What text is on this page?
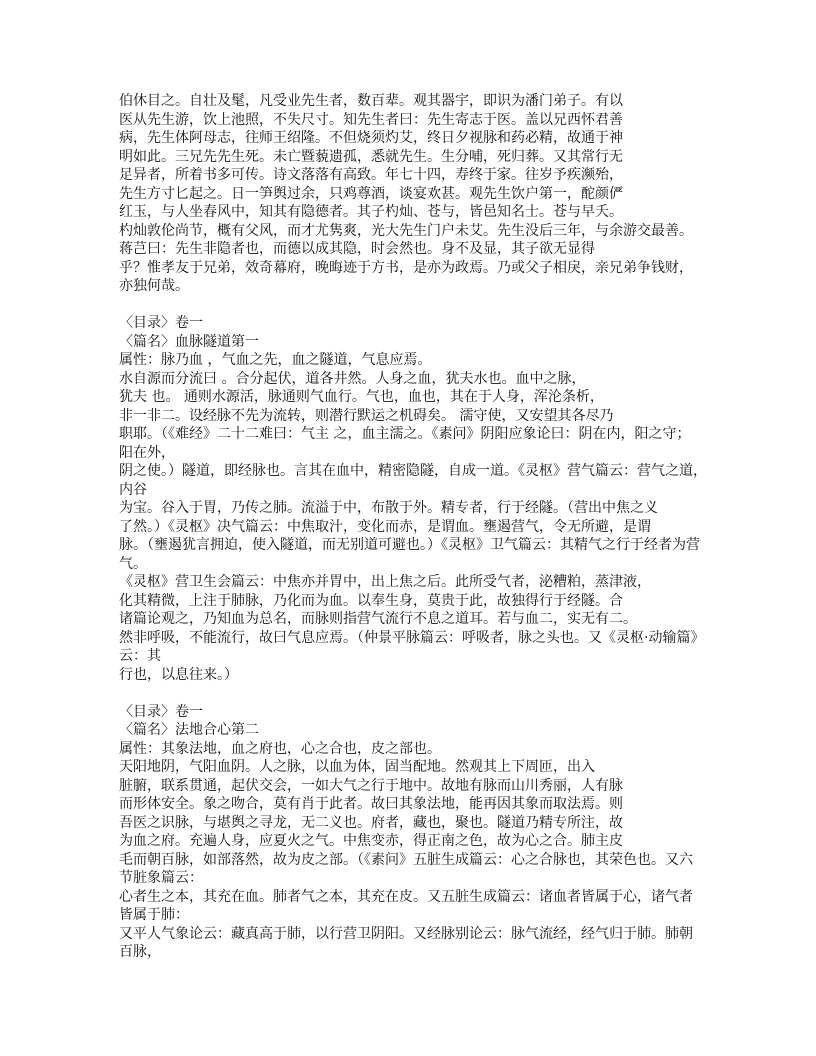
伯休目之。自壮及髦，凡受业先生者，数百辈。观其器宇，即识为潘门弟子。有以
医从先生游，饮上池照，不失尺寸。知先生者曰：先生寄志于医。盖以兄西怀君善
病，先生体阿母志，往师王绍隆。不但烧须灼艾，终日夕视脉和药必精，故通于神
明如此。三兄先先生死。未亡暨藐遗孤，悉就先生。生分哺，死归葬。又其常行无
足异者，所着书多可传。诗文落落有高致。年七十四，寿终于家。往岁予疾濒殆，
先生方寸匕起之。日一笋舆过余，只鸡尊酒，谈宴欢甚。观先生饮户第一，酡颜俨
红玉，与人坐春风中，知其有隐德者。其子杓灿、苍与，皆邑知名士。苍与早夭。
杓灿敦伦尚节，概有父风，而才尤隽爽，光大先生门户未艾。先生没后三年，与余游交最善。
蒋芑曰：先生非隐者也，而德以成其隐，时会然也。身不及显，其子欲无显得
乎？惟孝友于兄弟，效奇幕府，晚晦迹于方书，是亦为政焉。乃或父子相戾，亲兄弟争钱财，
亦独何哉。
〈目录〉卷一
〈篇名〉血脉隧道第一
属性：脉乃血 ，气血之先，血之隧道，气息应焉。
水自源而分流曰 。合分起伏，道各井然。人身之血，犹夫水也。血中之脉，
犹夫 也。 通则水源活，脉通则气血行。气也，血也，其在于人身，浑沦条析，
非一非二。设经脉不先为流转，则潜行默运之机碍矣。 濡守使，又安望其各尽乃
职耶。（《难经》二十二难曰：气主 之，血主濡之。《素问》阴阳应象论曰：阴在内，阳之守；
阳在外，
阴之使。）隧道，即经脉也。言其在血中，精密隐隧，自成一道。《灵枢》营气篇云：营气之道，
内谷
为宝。谷入于胃，乃传之肺。流溢于中，布散于外。精专者，行于经隧。（营出中焦之义
了然。）《灵枢》决气篇云：中焦取汁，变化而赤，是谓血。壅遏营气，令无所避，是谓
脉。（壅遏犹言拥迫，使入隧道，而无别道可避也。）《灵枢》卫气篇云：其精气之行于经者为营
气。
《灵枢》营卫生会篇云：中焦亦并胃中，出上焦之后。此所受气者，泌糟粕，蒸津液，
化其精微，上注于肺脉，乃化而为血。以奉生身，莫贵于此，故独得行于经隧。合
诸篇论观之，乃知血为总名，而脉则指营气流行不息之道耳。若与血二，实无有二。
然非呼吸，不能流行，故曰气息应焉。（仲景平脉篇云：呼吸者，脉之头也。又《灵枢·动输篇》
云：其
行也，以息往来。）
〈目录〉卷一
〈篇名〉法地合心第二
属性：其象法地，血之府也，心之合也，皮之部也。
天阳地阴，气阳血阴。人之脉，以血为体，固当配地。然观其上下周匝，出入
脏腑，联系贯通，起伏交会，一如大气之行于地中。故地有脉而山川秀丽，人有脉
而形体安全。象之吻合，莫有肖于此者。故曰其象法地，能再因其象而取法焉。则
吾医之识脉，与堪舆之寻龙，无二义也。府者，藏也，聚也。隧道乃精专所注，故
为血之府。充遍人身，应夏火之气。中焦变赤，得正南之色，故为心之合。肺主皮
毛而朝百脉，如部落然，故为皮之部。（《素问》五脏生成篇云：心之合脉也，其荣色也。又六
节脏象篇云：
心者生之本，其充在血。肺者气之本，其充在皮。又五脏生成篇云：诸血者皆属于心，诸气者
皆属于肺：
又平人气象论云：藏真高于肺，以行营卫阴阳。又经脉别论云：脉气流经，经气归于肺。肺朝
百脉，
